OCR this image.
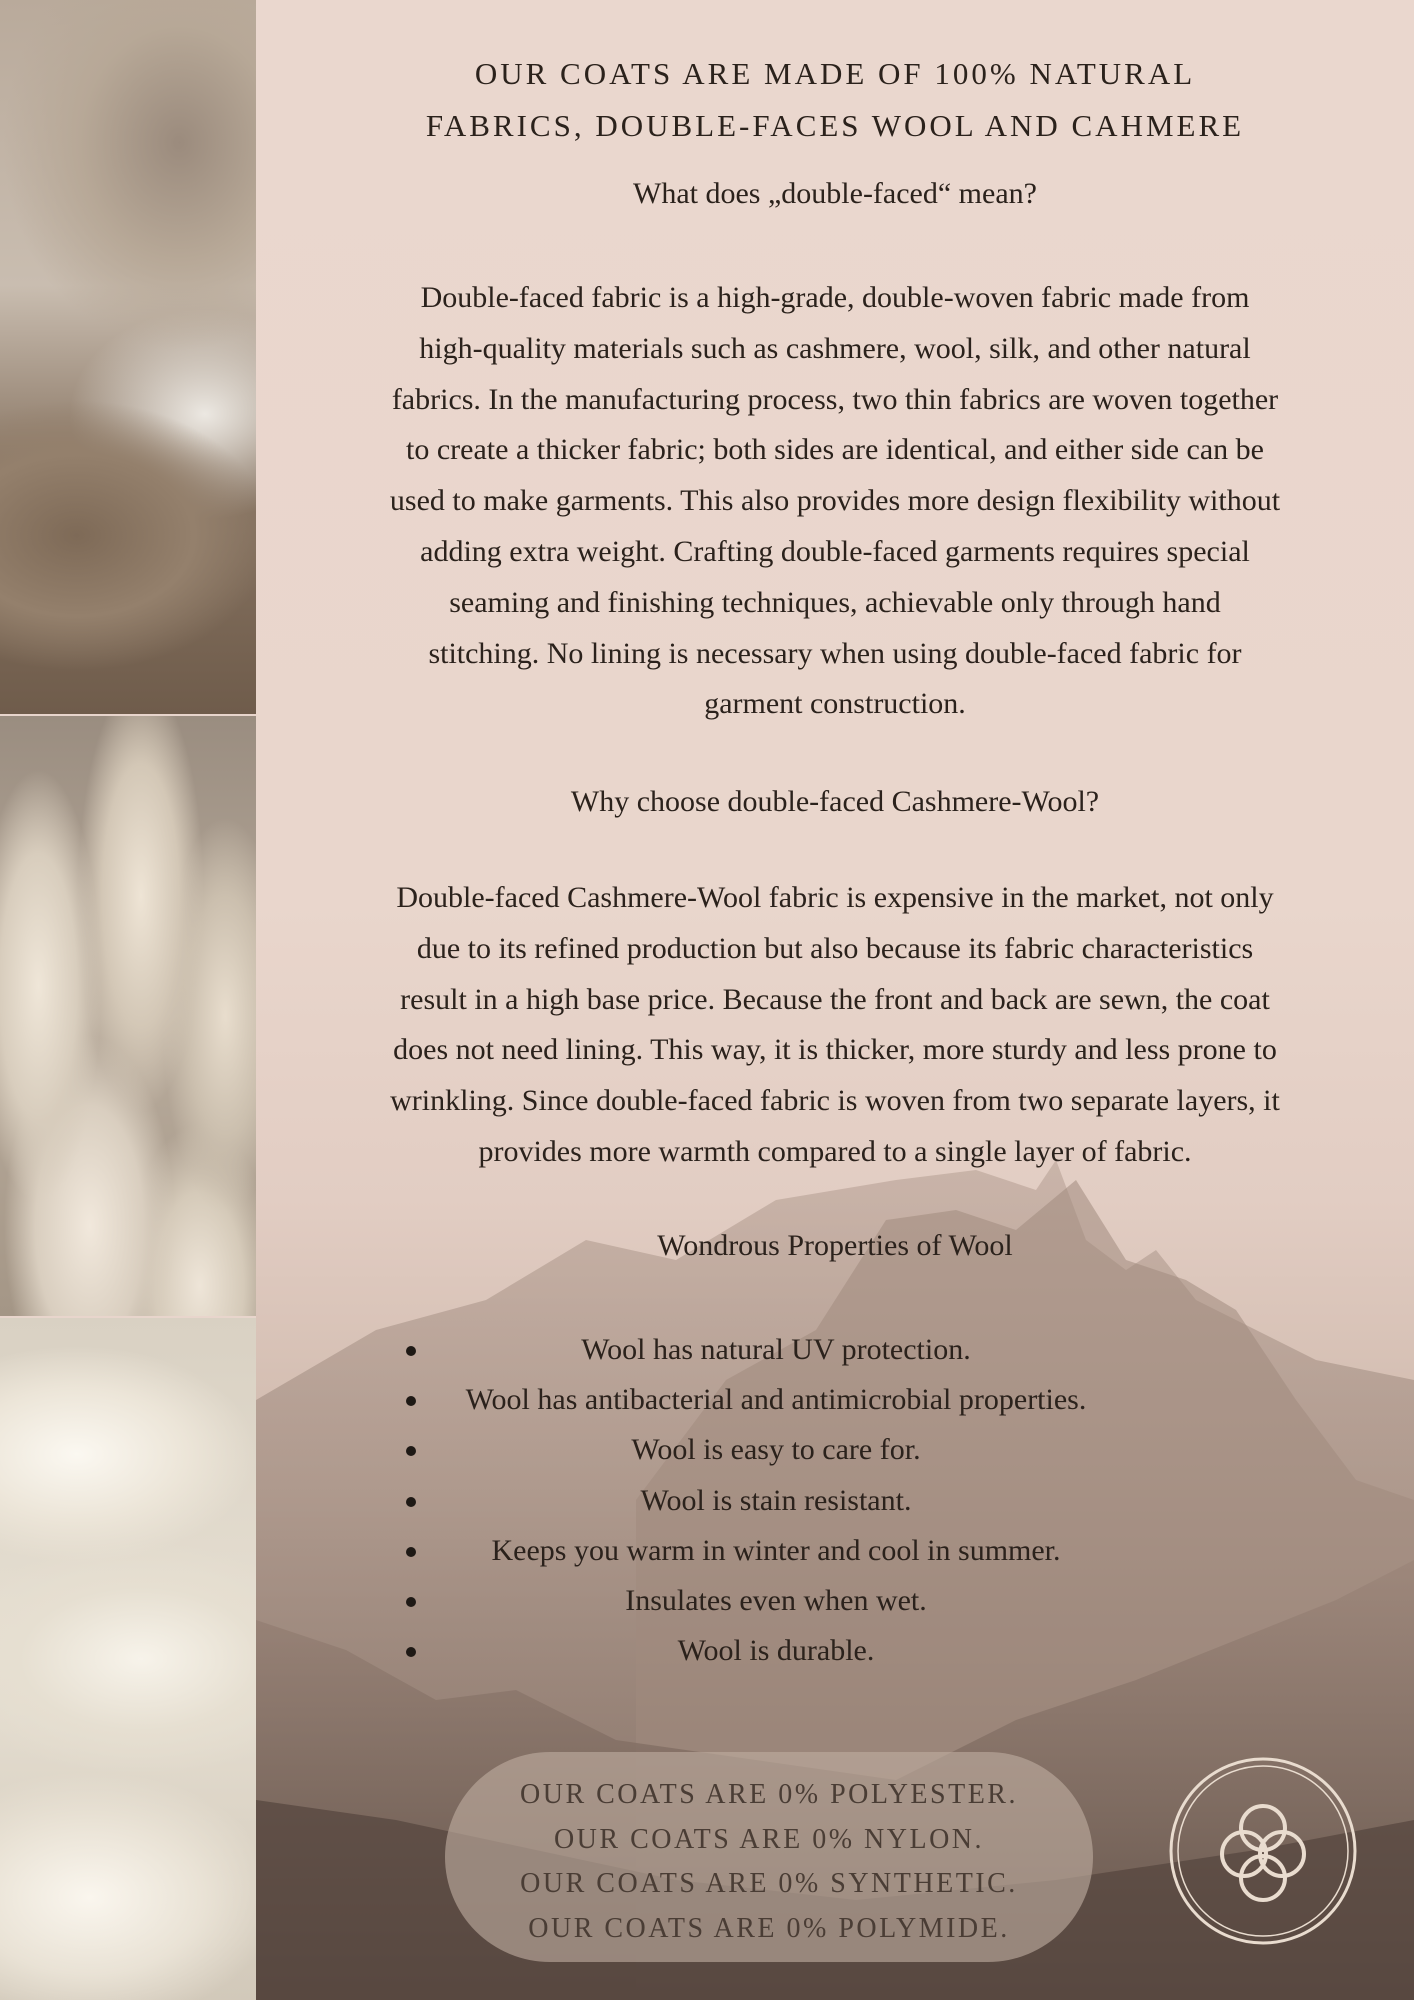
OUR COATS ARE MADE OF 100% NATURAL
FABRICS, DOUBLE-FACES WOOL AND CAHMERE

What does „double-faced“ mean?

Double-faced fabric is a high-grade, double-woven fabric made from
high-quality materials such as cashmere, wool, silk, and other natural
fabrics. In the manufacturing process, two thin fabrics are woven together
to create a thicker fabric; both sides are identical, and either side can be
used to make garments. This also provides more design flexibility without
adding extra weight. Crafting double-faced garments requires special
seaming and finishing techniques, achievable only through hand
stitching. No lining is necessary when using double-faced fabric for
garment construction.

Why choose double-faced Cashmere-Wool?

Double-faced Cashmere-Wool fabric is expensive in the market, not only
due to its refined production but also because its fabric characteristics
result in a high base price. Because the front and back are sewn, the coat
does not need lining. This way, it is thicker, more sturdy and less prone to
wrinkling. Since double-faced fabric is woven from two separate layers, it
provides more warmth compared to a single layer of fabric.

Wondrous Properties of Wool

Wool has natural UV protection.
Wool has antibacterial and antimicrobial properties.
Wool is easy to care for.
Wool is stain resistant.
Keeps you warm in winter and cool in summer.
Insulates even when wet.
Wool is durable.
OUR COATS ARE 0% POLYESTER.
OUR COATS ARE 0% NYLON.
OUR COATS ARE 0% SYNTHETIC.
OUR COATS ARE 0% POLYMIDE.
